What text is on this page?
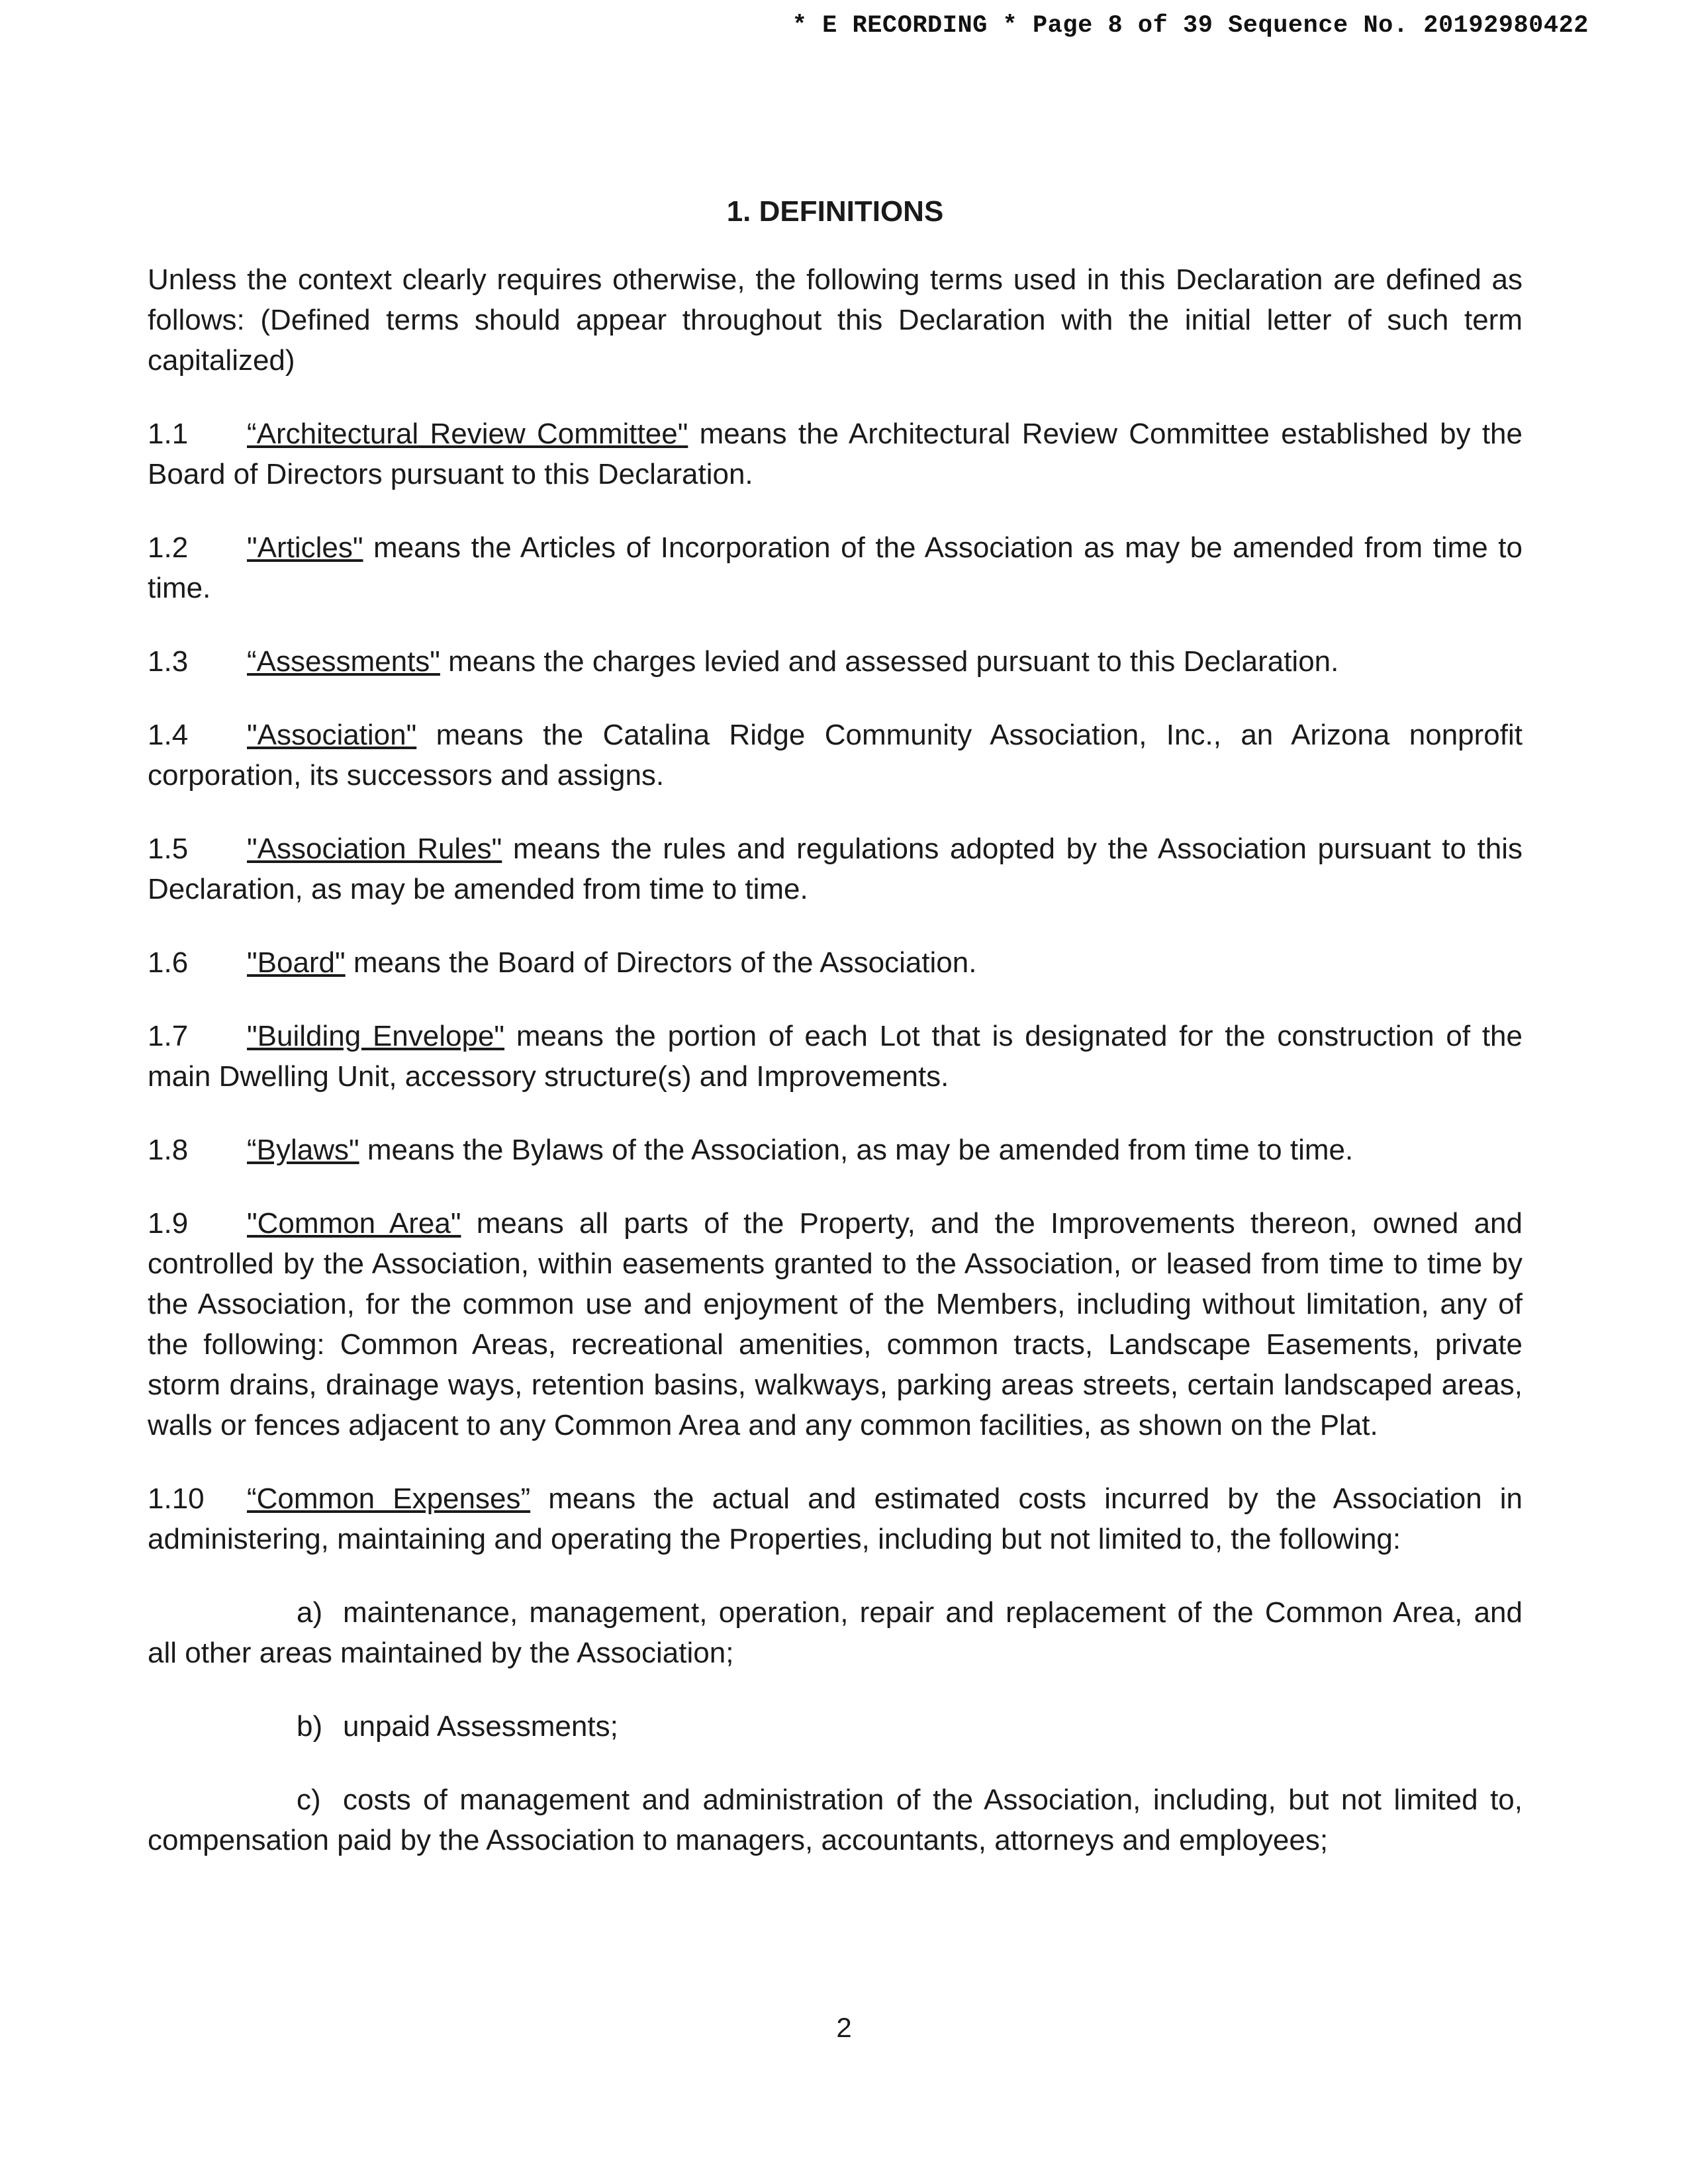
* E RECORDING * Page 8 of 39 Sequence No. 20192980422
1. DEFINITIONS

Unless the context clearly requires otherwise, the following terms used in this Declaration are defined as follows: (Defined terms should appear throughout this Declaration with the initial letter of such term capitalized)

1.1 “Architectural Review Committee" means the Architectural Review Committee established by the Board of Directors pursuant to this Declaration.

1.2 "Articles" means the Articles of Incorporation of the Association as may be amended from time to time.

1.3 “Assessments" means the charges levied and assessed pursuant to this Declaration.

1.4 "Association" means the Catalina Ridge Community Association, Inc., an Arizona nonprofit corporation, its successors and assigns.

1.5 "Association Rules" means the rules and regulations adopted by the Association pursuant to this Declaration, as may be amended from time to time.

1.6 "Board" means the Board of Directors of the Association.

1.7 "Building Envelope" means the portion of each Lot that is designated for the construction of the main Dwelling Unit, accessory structure(s) and Improvements.

1.8 “Bylaws" means the Bylaws of the Association, as may be amended from time to time.

1.9 "Common Area" means all parts of the Property, and the Improvements thereon, owned and controlled by the Association, within easements granted to the Association, or leased from time to time by the Association, for the common use and enjoyment of the Members, including without limitation, any of the following: Common Areas, recreational amenities, common tracts, Landscape Easements, private storm drains, drainage ways, retention basins, walkways, parking areas streets, certain landscaped areas, walls or fences adjacent to any Common Area and any common facilities, as shown on the Plat.

1.10 “Common Expenses” means the actual and estimated costs incurred by the Association in administering, maintaining and operating the Properties, including but not limited to, the following:

a) maintenance, management, operation, repair and replacement of the Common Area, and all other areas maintained by the Association;

b) unpaid Assessments;

c) costs of management and administration of the Association, including, but not limited to, compensation paid by the Association to managers, accountants, attorneys and employees;

2
